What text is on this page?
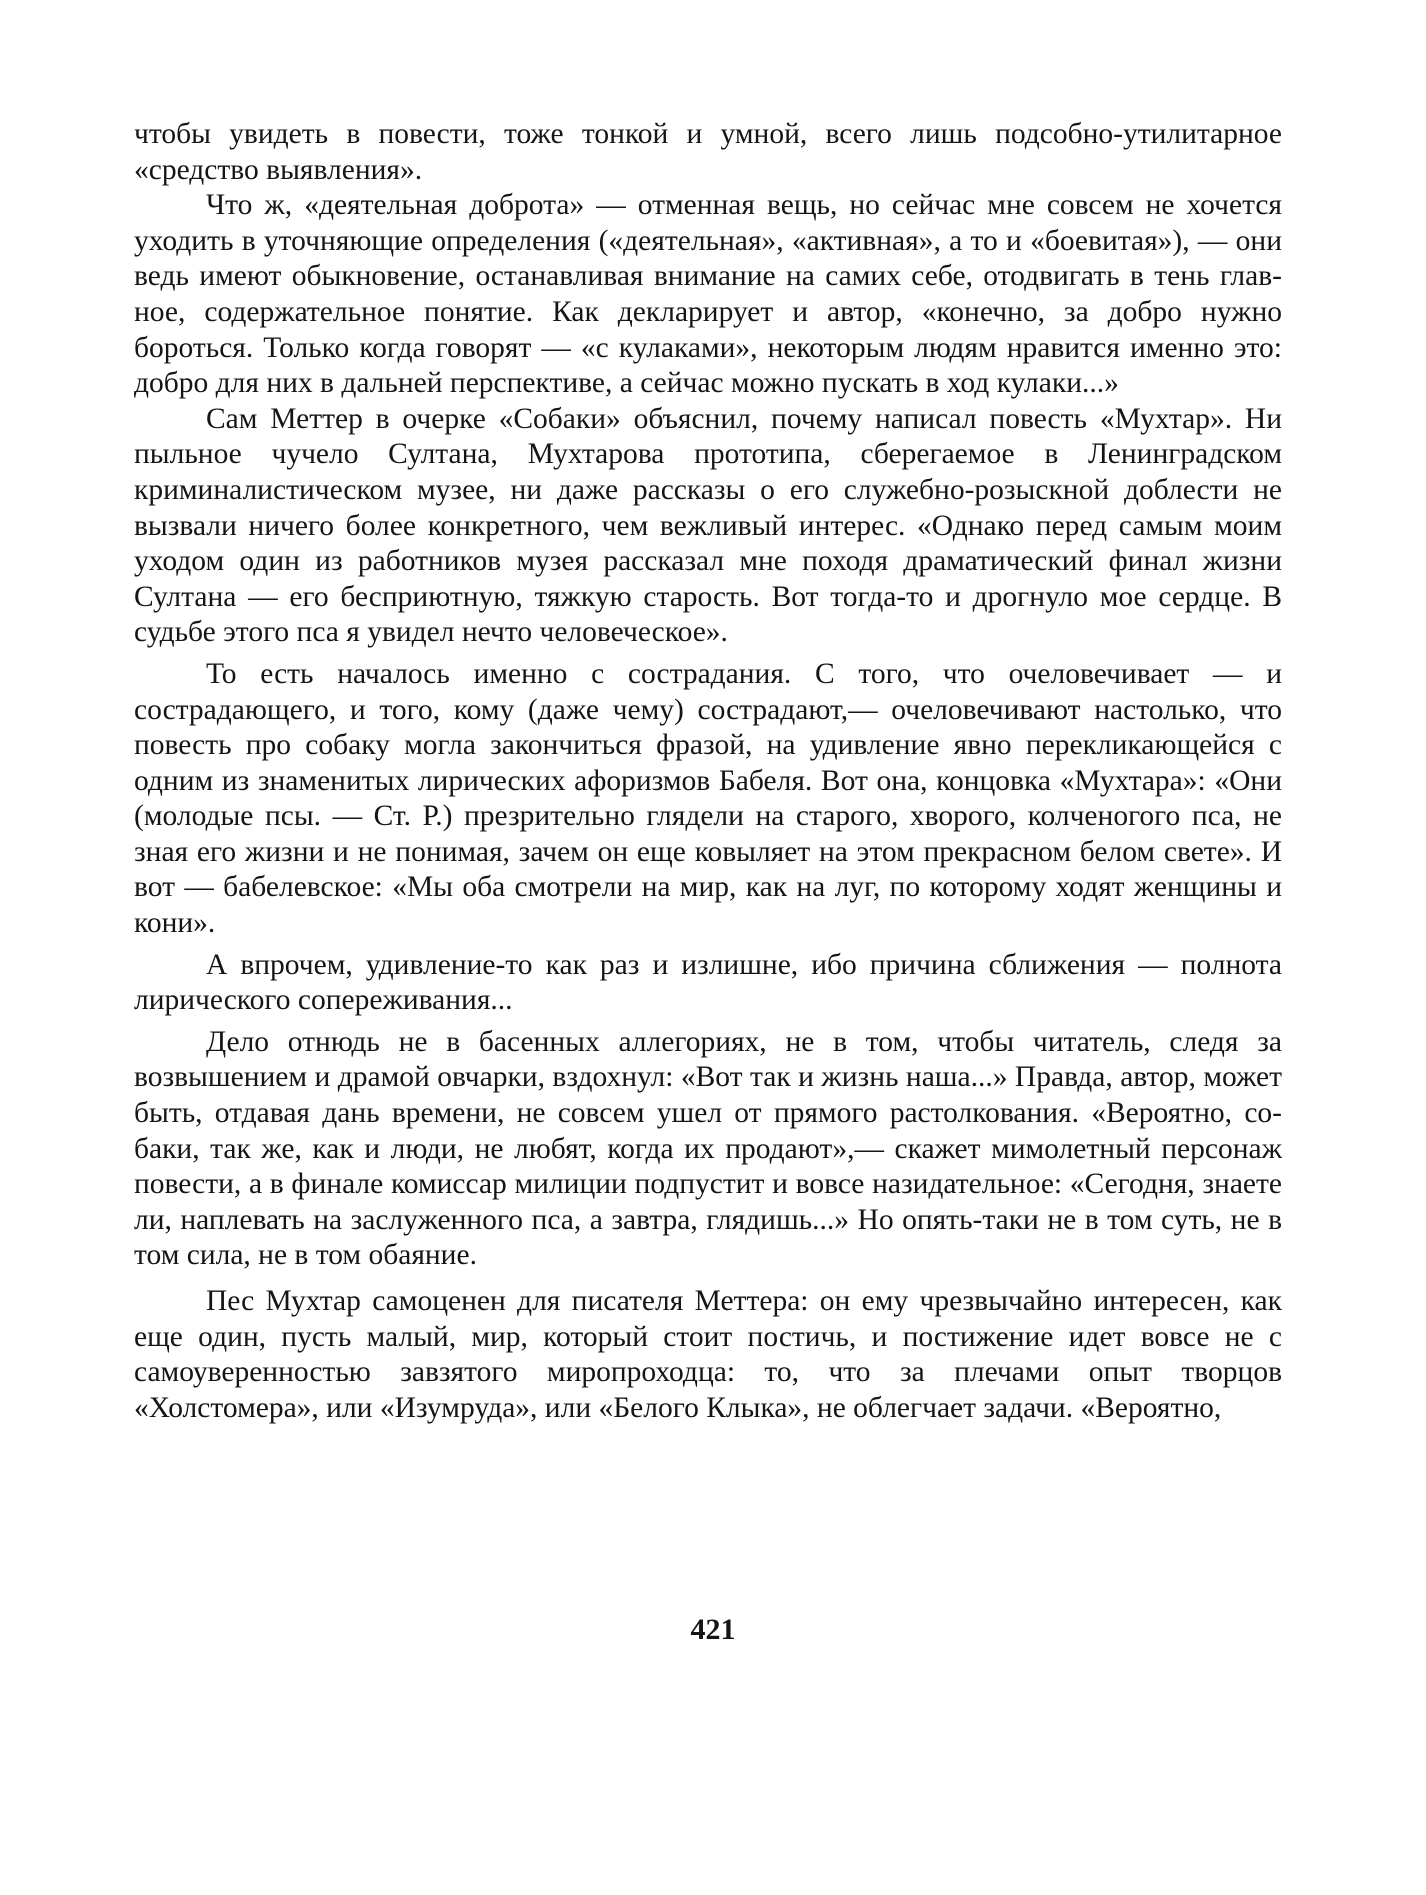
чтобы увидеть в повести, тоже тонкой и умной, всего лишь подсобно-утилитарное «средство выявления».

Что ж, «деятельная доброта» — отменная вещь, но сейчас мне совсем не хочется уходить в уточняющие определения («деятельная», «активная», а то и «боевитая»), — они ведь имеют обыкновение, останавливая внимание на самих себе, отодвигать в тень главное, содержательное понятие. Как декларирует и автор, «конечно, за добро нужно бороться. Только когда говорят — «с кулаками», некоторым людям нравится именно это: добро для них в дальней перспективе, а сейчас можно пускать в ход кулаки...»

Сам Меттер в очерке «Собаки» объяснил, почему написал повесть «Мухтар». Ни пыльное чучело Султана, Мухтарова прототипа, сберегаемое в Ленинградском криминалистическом музее, ни даже рассказы о его служебно-розыскной доблести не вызвали ничего более конкретного, чем вежливый интерес. «Однако перед самым моим уходом один из работников музея рассказал мне походя драматический финал жизни Султана — его бесприютную, тяжкую старость. Вот тогда-то и дрогнуло мое сердце. В судьбе этого пса я увидел нечто человеческое».

То есть началось именно с сострадания. С того, что очеловечивает — и сострадающего, и того, кому (даже чему) сострадают,— очеловечивают настолько, что повесть про собаку могла закончиться фразой, на удивление явно перекликающейся с одним из знаменитых лирических афоризмов Бабеля. Вот она, концовка «Мухтара»: «Они (молодые псы. — Ст. Р.) презрительно глядели на старого, хворого, колченогого пса, не зная его жизни и не понимая, зачем он еще ковыляет на этом прекрасном белом свете». И вот — бабелевское: «Мы оба смотрели на мир, как на луг, по которому ходят женщины и кони».

А впрочем, удивление-то как раз и излишне, ибо причина сближения — полнота лирического сопереживания...

Дело отнюдь не в басенных аллегориях, не в том, чтобы читатель, следя за возвышением и драмой овчарки, вздохнул: «Вот так и жизнь наша...» Правда, автор, может быть, отдавая дань времени, не совсем ушел от прямого растолкования. «Вероятно, собаки, так же, как и люди, не любят, когда их продают»,— скажет мимолетный персонаж повести, а в финале комиссар милиции подпустит и вовсе назидательное: «Сегодня, знаете ли, наплевать на заслуженного пса, а завтра, глядишь...» Но опять-таки не в том суть, не в том сила, не в том обаяние.

Пес Мухтар самоценен для писателя Меттера: он ему чрезвычайно интересен, как еще один, пусть малый, мир, который стоит постичь, и постижение идет вовсе не с самоуверенностью завзятого миропроходца: то, что за плечами опыт творцов «Холстомера», или «Изумруда», или «Белого Клыка», не облегчает задачи. «Вероятно,

421
